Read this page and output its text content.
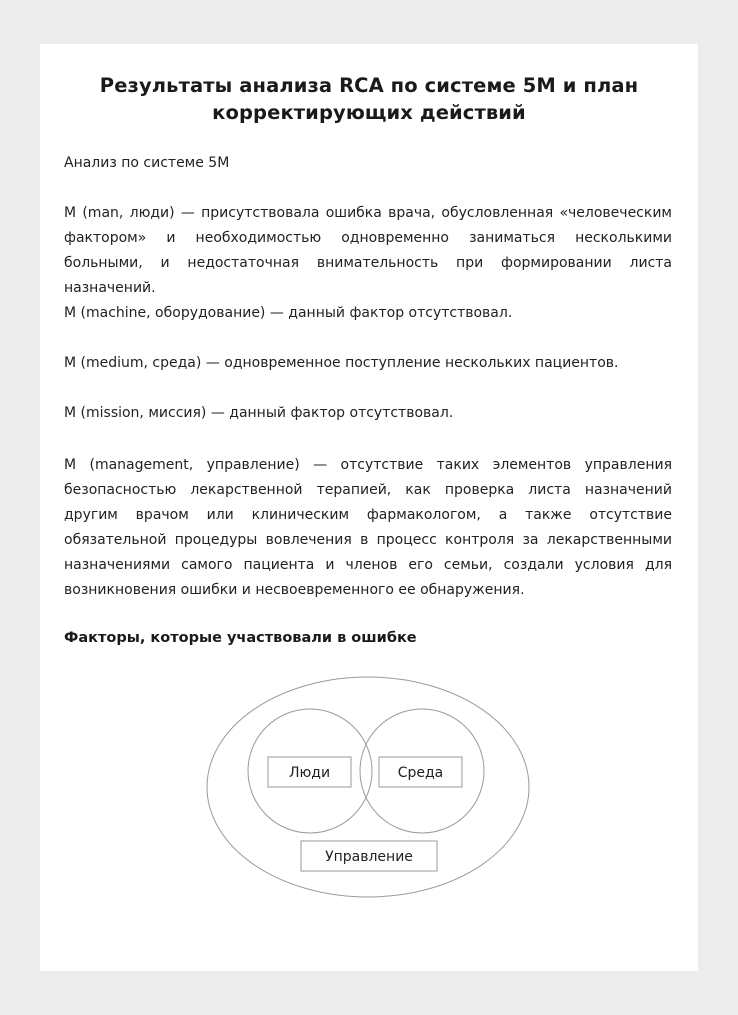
Результаты анализа RCA по системе 5M и план
корректирующих действий
Анализ по системе 5М
М (man, люди) — присутствовала ошибка врача, обусловленная «человеческим фактором» и необходимостью одновременно заниматься несколькими больными, и недостаточная внимательность при формировании листа назначений.
М (machine, оборудование) — данный фактор отсутствовал.
М (medium, среда) — одновременное поступление нескольких пациентов.
М (mission, миссия) — данный фактор отсутствовал.
М (management, управление) — отсутствие таких элементов управления безопасностью лекарственной терапией, как проверка листа назначений другим врачом или клиническим фармакологом, а также отсутствие обязательной процедуры вовлечения в процесс контроля за лекарственными назначениями самого пациента и членов его семьи, создали условия для возникновения ошибки и несвоевременного ее обнаружения.
Факторы, которые участвовали в ошибке
Люди	Среда
Управление
